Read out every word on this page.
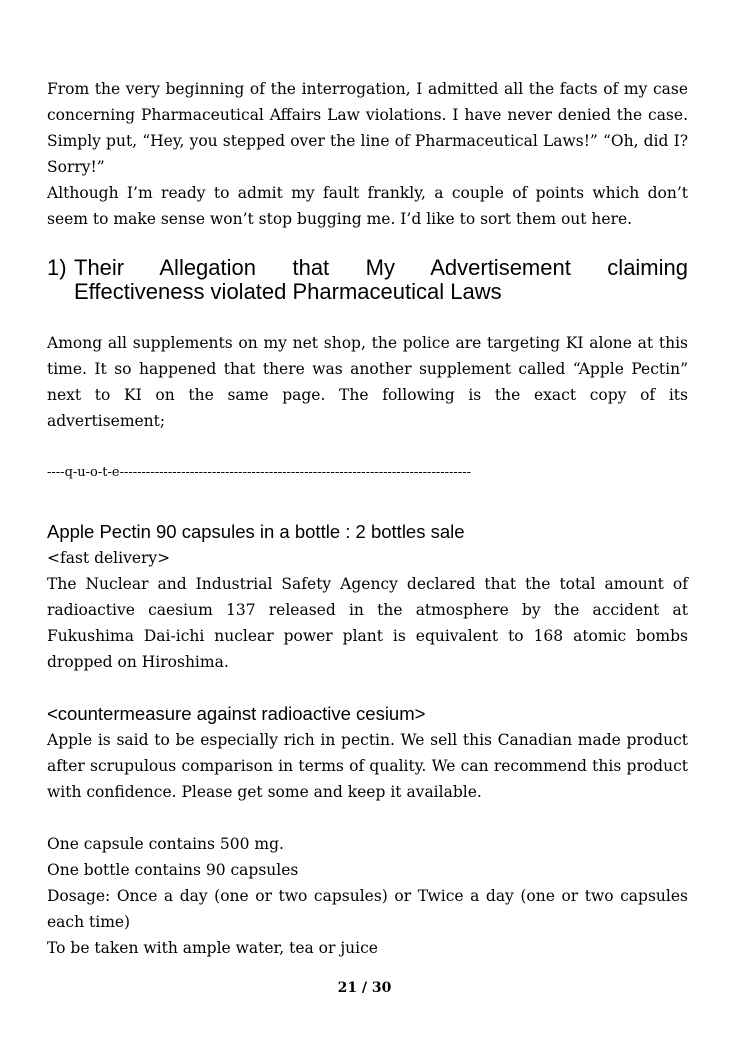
From the very beginning of the interrogation, I admitted all the facts of my case concerning Pharmaceutical Affairs Law violations. I have never denied the case. Simply put, “Hey, you stepped over the line of Pharmaceutical Laws!” “Oh, did I? Sorry!”

Although I’m ready to admit my fault frankly, a couple of points which don’t seem to make sense won’t stop bugging me. I’d like to sort them out here.

1) Their Allegation that My Advertisement claiming
Effectiveness violated Pharmaceutical Laws

Among all supplements on my net shop, the police are targeting KI alone at this time. It so happened that there was another supplement called “Apple Pectin” next to KI on the same page. The following is the exact copy of its advertisement;

----q-u-o-t-e--------------------------------------------------------------------------------
Apple Pectin 90 capsules in a bottle : 2 bottles sale

<fast delivery>

The Nuclear and Industrial Safety Agency declared that the total amount of radioactive caesium 137 released in the atmosphere by the accident at Fukushima Dai-ichi nuclear power plant is equivalent to 168 atomic bombs dropped on Hiroshima.

<countermeasure against radioactive cesium>

Apple is said to be especially rich in pectin. We sell this Canadian made product after scrupulous comparison in terms of quality. We can recommend this product with confidence. Please get some and keep it available.

One capsule contains 500 mg.

One bottle contains 90 capsules

Dosage: Once a day (one or two capsules) or Twice a day (one or two capsules each time)

To be taken with ample water, tea or juice

21 / 30
